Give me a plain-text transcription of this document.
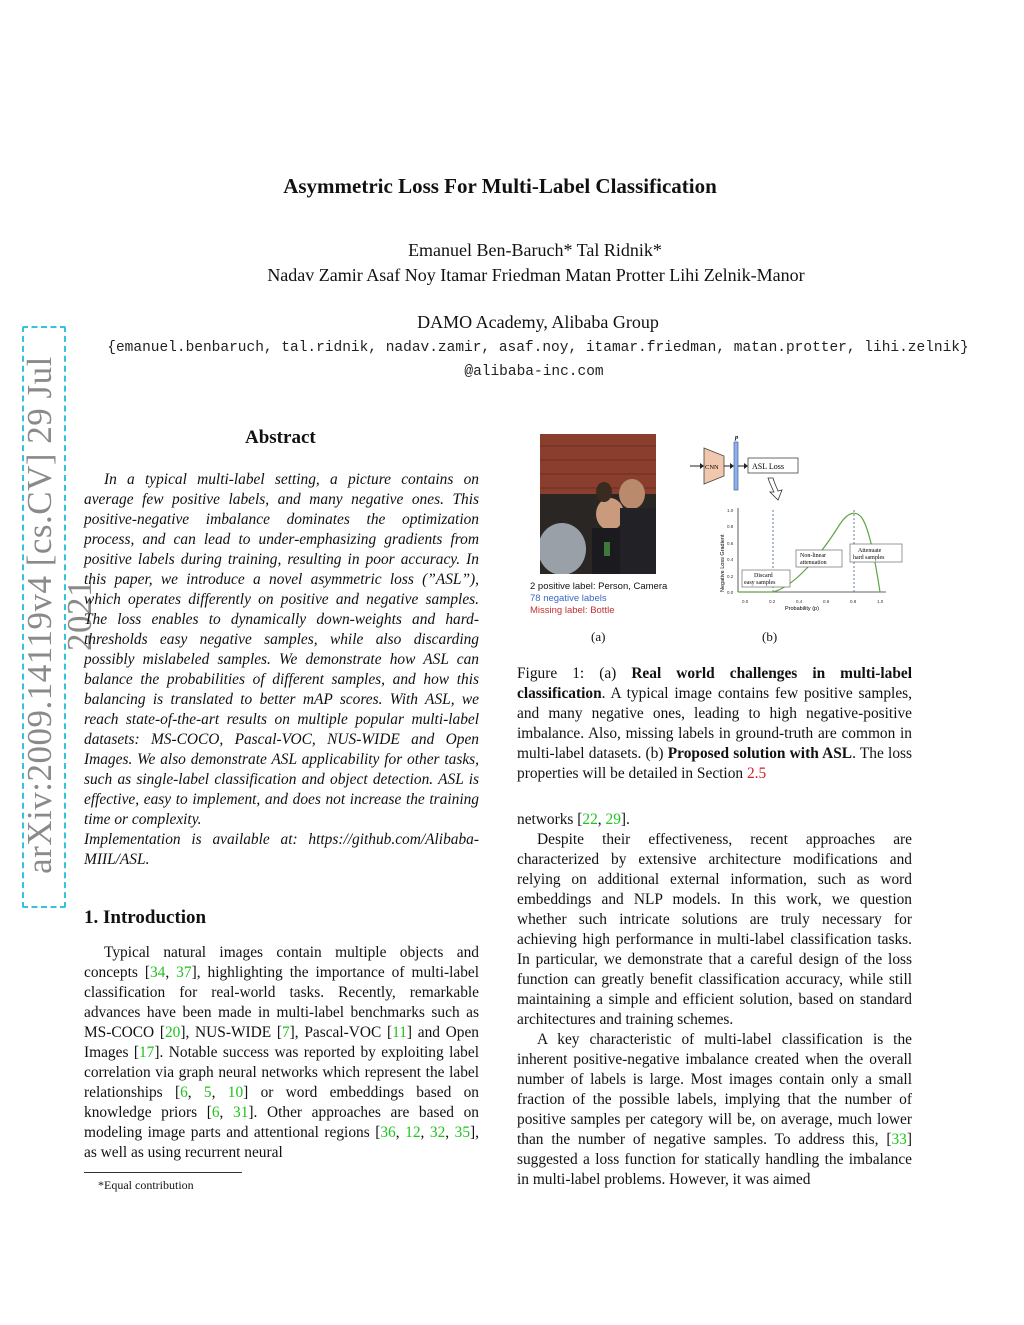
arXiv:2009.14119v4 [cs.CV] 29 Jul 2021
Asymmetric Loss For Multi-Label Classification
Emanuel Ben-Baruch* Tal Ridnik*
Nadav Zamir Asaf Noy Itamar Friedman Matan Protter Lihi Zelnik-Manor
DAMO Academy, Alibaba Group
{emanuel.benbaruch, tal.ridnik, nadav.zamir, asaf.noy, itamar.friedman, matan.protter, lihi.zelnik}
@alibaba-inc.com
Abstract

In a typical multi-label setting, a picture contains on average few positive labels, and many negative ones. This positive-negative imbalance dominates the optimization process, and can lead to under-emphasizing gradients from positive labels during training, resulting in poor accuracy. In this paper, we introduce a novel asymmetric loss (”ASL”), which operates differently on positive and negative samples. The loss enables to dynamically down-weights and hard-thresholds easy negative samples, while also discarding possibly mislabeled samples. We demonstrate how ASL can balance the probabilities of different samples, and how this balancing is translated to better mAP scores. With ASL, we reach state-of-the-art results on multiple popular multi-label datasets: MS-COCO, Pascal-VOC, NUS-WIDE and Open Images. We also demonstrate ASL applicability for other tasks, such as single-label classification and object detection. ASL is effective, easy to implement, and does not increase the training time or complexity.

Implementation is available at: https://github.com/Alibaba-MIIL/ASL.

1. Introduction

Typical natural images contain multiple objects and concepts [34, 37], highlighting the importance of multi-label classification for real-world tasks. Recently, remarkable advances have been made in multi-label benchmarks such as MS-COCO [20], NUS-WIDE [7], Pascal-VOC [11] and Open Images [17]. Notable success was reported by exploiting label correlation via graph neural networks which represent the label relationships [6, 5, 10] or word embeddings based on knowledge priors [6, 31]. Other approaches are based on modeling image parts and attentional regions [36, 12, 32, 35], as well as using recurrent neural

*Equal contribution
2 positive label: Person, Camera
78 negative labels
Missing label: Bottle
(a)
CNN
p
ASL Loss
0.0
0.2
0.4
0.6
0.8
1.0
0.0	0.2	0.4	0.6	0.8	1.0
Probability (p)
Negative Loss Gradient	Discard
easy samples
Non-linear
attenuation
Attenuate
hard samples
(b)
Figure 1: (a) Real world challenges in multi-label classification. A typical image contains few positive samples, and many negative ones, leading to high negative-positive imbalance. Also, missing labels in ground-truth are common in multi-label datasets. (b) Proposed solution with ASL. The loss properties will be detailed in Section 2.5

networks [22, 29].

Despite their effectiveness, recent approaches are characterized by extensive architecture modifications and relying on additional external information, such as word embeddings and NLP models. In this work, we question whether such intricate solutions are truly necessary for achieving high performance in multi-label classification tasks. In particular, we demonstrate that a careful design of the loss function can greatly benefit classification accuracy, while still maintaining a simple and efficient solution, based on standard architectures and training schemes.

A key characteristic of multi-label classification is the inherent positive-negative imbalance created when the overall number of labels is large. Most images contain only a small fraction of the possible labels, implying that the number of positive samples per category will be, on average, much lower than the number of negative samples. To address this, [33] suggested a loss function for statically handling the imbalance in multi-label problems. However, it was aimed
